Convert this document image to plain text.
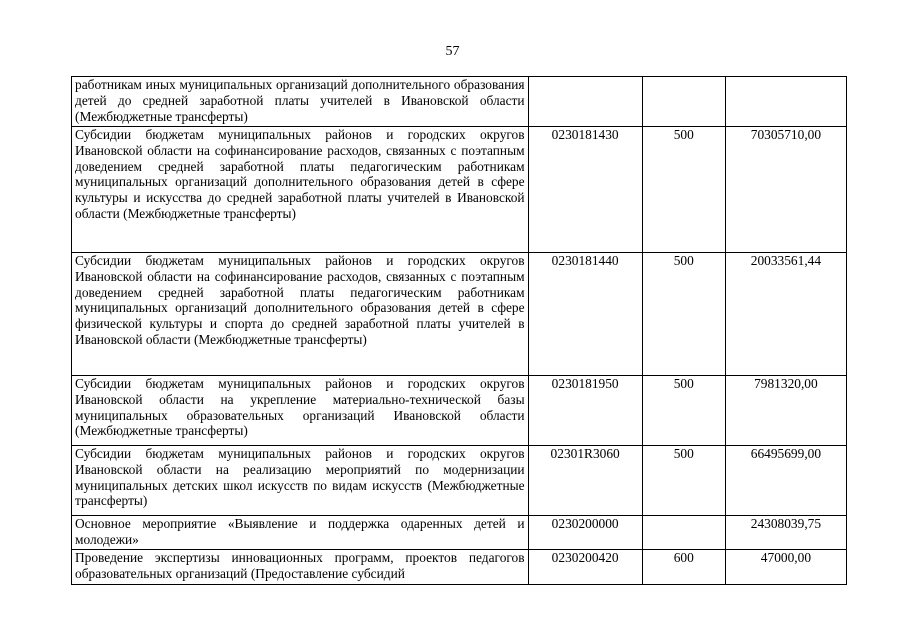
57
работникам иных муниципальных организаций дополнительного образования детей до средней заработной платы учителей в Ивановской области (Межбюджетные трансферты)			
Субсидии бюджетам муниципальных районов и городских округов Ивановской области на софинансирование расходов, связанных с поэтапным доведением средней заработной платы педагогическим работникам муниципальных организаций дополнительного образования детей в сфере культуры и искусства до средней заработной платы учителей в Ивановской области (Межбюджетные трансферты)	0230181430	500	70305710,00
Субсидии бюджетам муниципальных районов и городских округов Ивановской области на софинансирование расходов, связанных с поэтапным доведением средней заработной платы педагогическим работникам муниципальных организаций дополнительного образования детей в сфере физической культуры и спорта до средней заработной платы учителей в Ивановской области (Межбюджетные трансферты)	0230181440	500	20033561,44
Субсидии бюджетам муниципальных районов и городских округов Ивановской области на укрепление материально-технической базы муниципальных образовательных организаций Ивановской области (Межбюджетные трансферты)	0230181950	500	7981320,00
Субсидии бюджетам муниципальных районов и городских округов Ивановской области на реализацию мероприятий по модернизации муниципальных детских школ искусств по видам искусств (Межбюджетные трансферты)	02301R3060	500	66495699,00
Основное мероприятие «Выявление и поддержка одаренных детей и молодежи»	0230200000		24308039,75
Проведение экспертизы инновационных программ, проектов педагогов образовательных организаций (Предоставление субсидий	0230200420	600	47000,00
